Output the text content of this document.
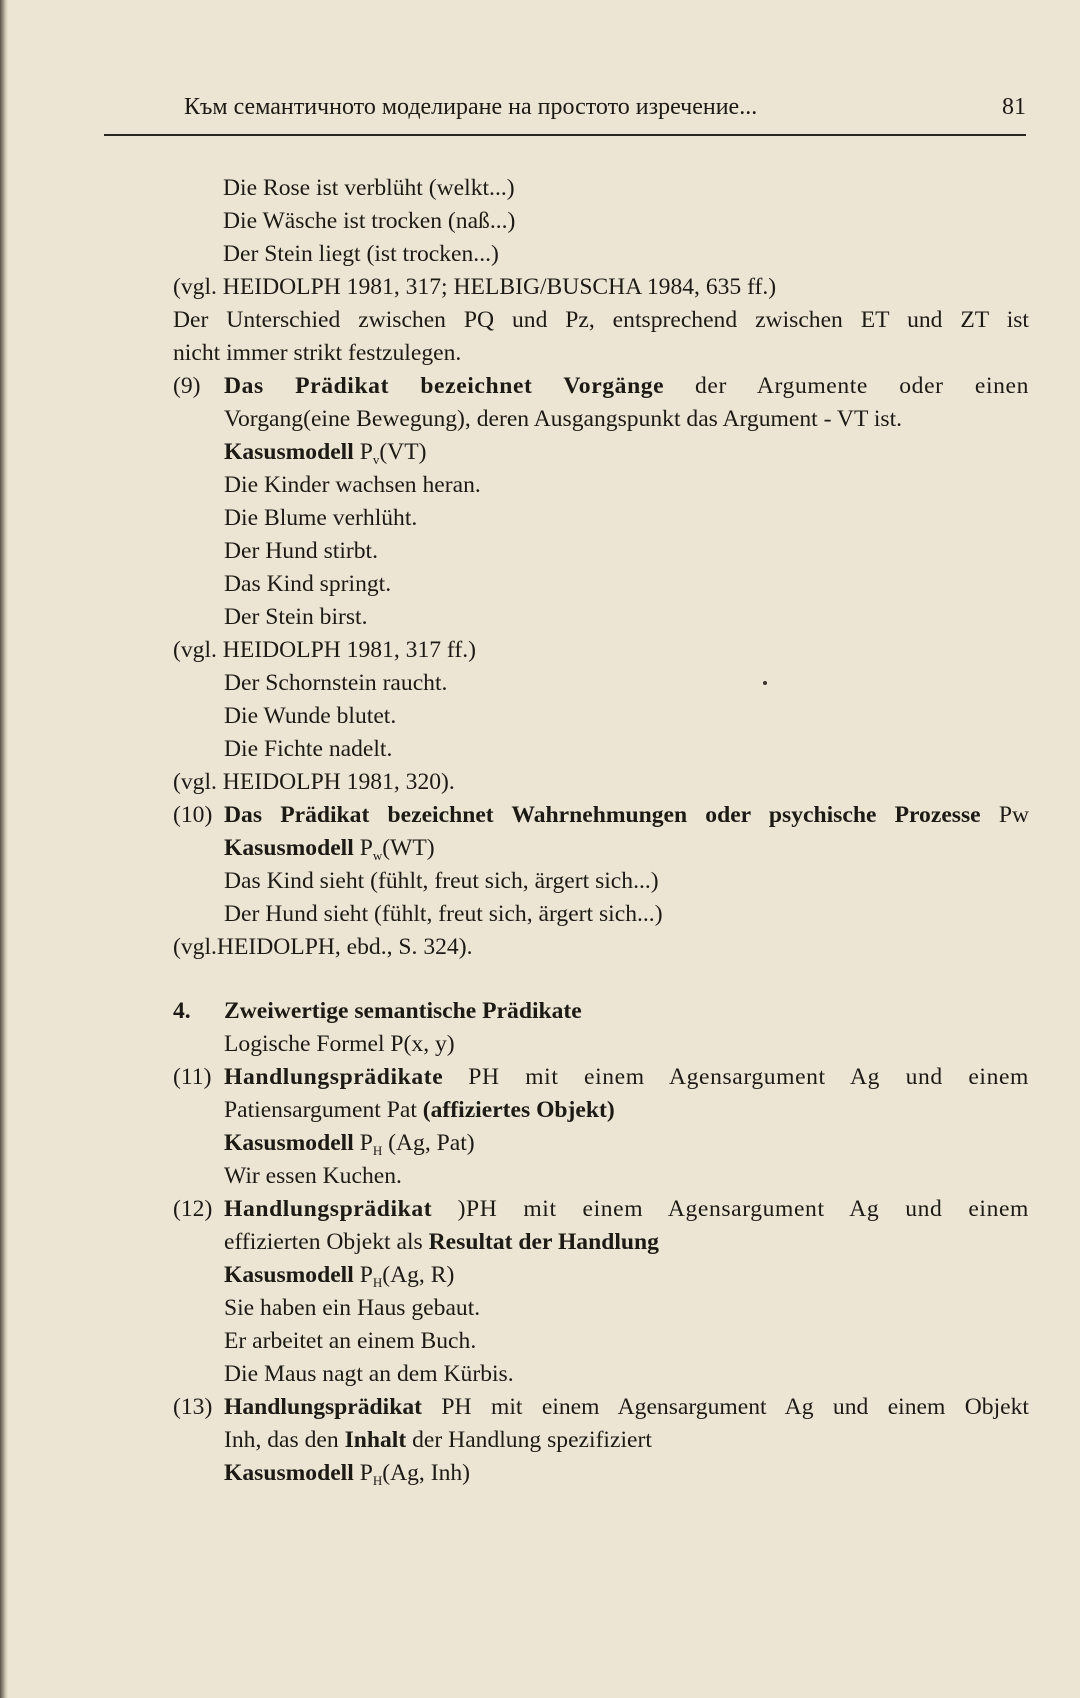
Към семантичното моделиране на простото изречение...	81
Die Rose ist verblüht (welkt...)
Die Wäsche ist trocken (naß...)
Der Stein liegt (ist trocken...)
(vgl. HEIDOLPH 1981, 317; HELBIG/BUSCHA 1984, 635 ff.)
Der Unterschied zwischen PQ und Pz, entsprechend zwischen ET und ZT ist
nicht immer strikt festzulegen.
(9) Das Prädikat bezeichnet Vorgänge der Argumente oder einen
Vorgang(eine Bewegung), deren Ausgangspunkt das Argument - VT ist.
Kasusmodell $P_v(VT)$
Die Kinder wachsen heran.
Die Blume verhlüht.
Der Hund stirbt.
Das Kind springt.
Der Stein birst.
(vgl. HEIDOLPH 1981, 317 ff.)
Der Schornstein raucht.
Die Wunde blutet.
Die Fichte nadelt.
(vgl. HEIDOLPH 1981, 320).
(10) Das Prädikat bezeichnet Wahrnehmungen oder psychische Prozesse Pw
Kasusmodell $P_w(WT)$
Das Kind sieht (fühlt, freut sich, ärgert sich...)
Der Hund sieht (fühlt, freut sich, ärgert sich...)
(vgl.HEIDOLPH, ebd., S. 324).
4. Zweiwertige semantische Prädikate
Logische Formel P(x, y)
(11) Handlungsprädikate PH mit einem Agensargument Ag und einem
Patiensargument Pat (affiziertes Objekt)
Kasusmodell $P_H$ (Ag, Pat)
Wir essen Kuchen.
(12) Handlungsprädikat )PH mit einem Agensargument Ag und einem
effizierten Objekt als Resultat der Handlung
Kasusmodell $P_H(Ag$, R)
Sie haben ein Haus gebaut.
Er arbeitet an einem Buch.
Die Maus nagt an dem Kürbis.
(13) Handlungsprädikat PH mit einem Agensargument Ag und einem Objekt
Inh, das den Inhalt der Handlung spezifiziert
Kasusmodell $P_H(Ag$, Inh)
